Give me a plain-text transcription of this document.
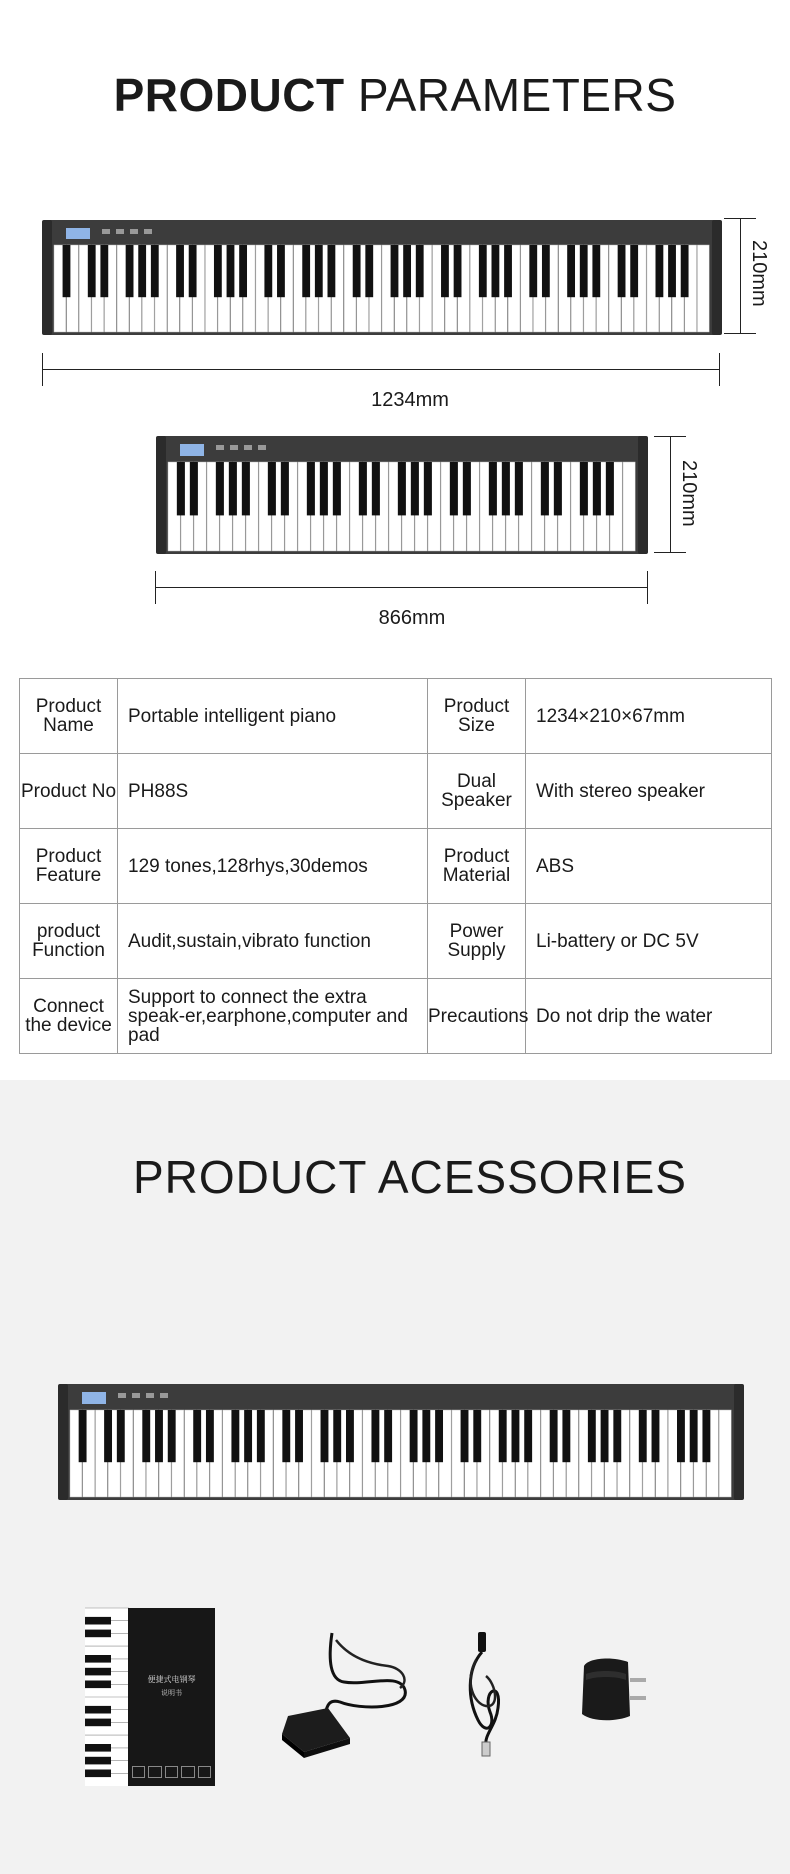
PRODUCT PARAMETERS
210mm
1234mm
210mm
866mm
Product Name	Portable intelligent piano	Product Size	1234×210×67mm
Product No	PH88S	Dual Speaker	With stereo speaker
Product Feature	129 tones,128rhys,30demos	Product Material	ABS
product Function	Audit,sustain,vibrato function	Power Supply	Li-battery or DC 5V
Connect the device	Support to connect the extra speak-er,earphone,computer and pad	Precautions	Do not drip the water
PRODUCT ACESSORIES
便捷式电钢琴
说明书
